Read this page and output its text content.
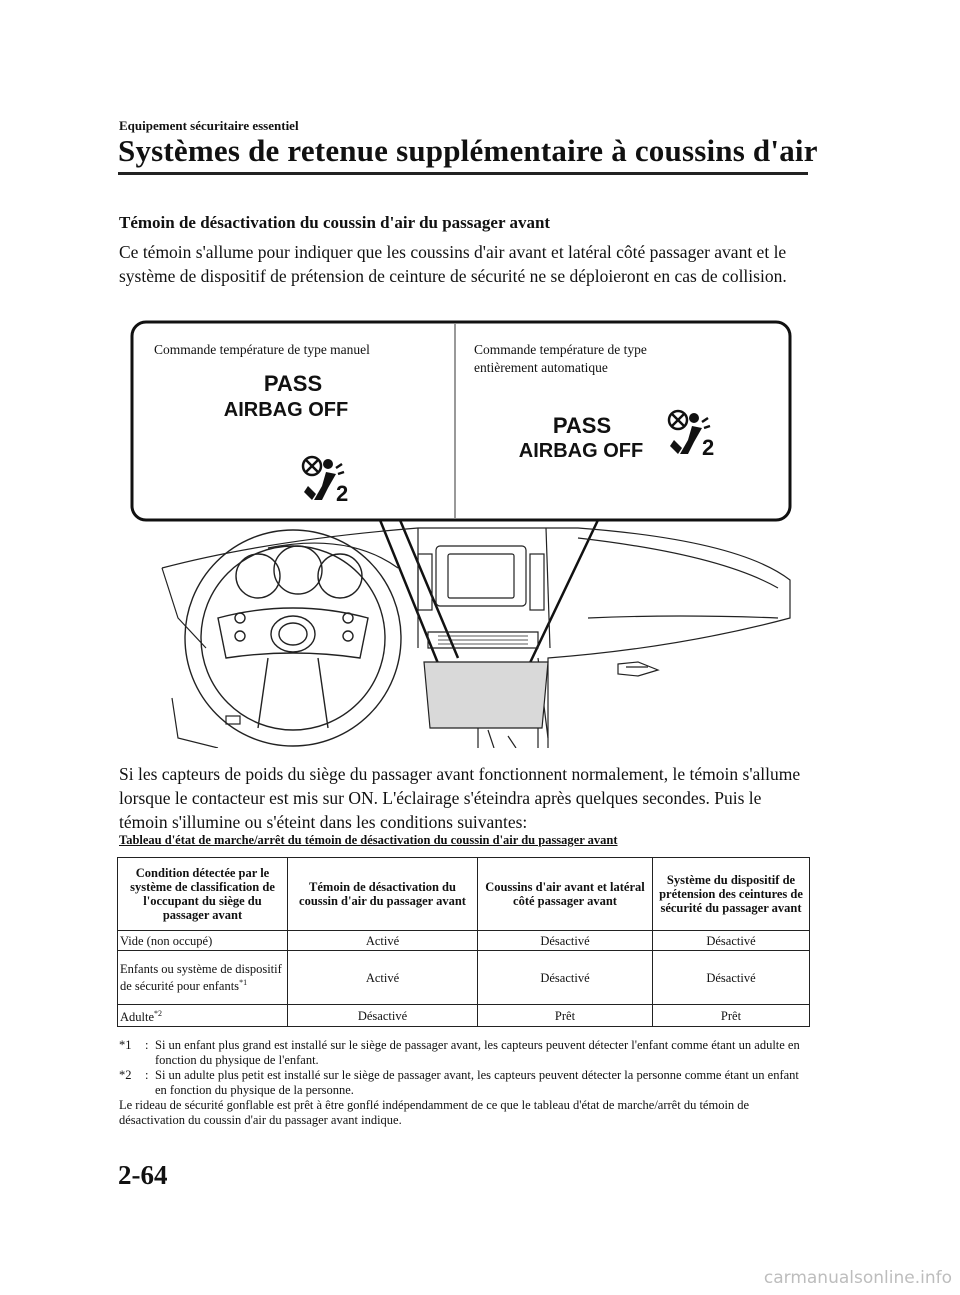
Equipement sécuritaire essentiel
Systèmes de retenue supplémentaire à coussins d'air
Témoin de désactivation du coussin d'air du passager avant
Ce témoin s'allume pour indiquer que les coussins d'air avant et latéral côté passager avant et le système de dispositif de prétension de ceinture de sécurité ne se déploieront en cas de collision.
Commande température de type manuel	Commande température de type
entièrement automatique
PASS
AIRBAG OFF
2
PASS
AIRBAG OFF	2
Si les capteurs de poids du siège du passager avant fonctionnent normalement, le témoin s'allume lorsque le contacteur est mis sur ON. L'éclairage s'éteindra après quelques secondes. Puis le témoin s'illumine ou s'éteint dans les conditions suivantes:
Tableau d'état de marche/arrêt du témoin de désactivation du coussin d'air du passager avant
Condition détectée par le système de classification de l'occupant du siège du passager avant	Témoin de désactivation du coussin d'air du passager avant	Coussins d'air avant et latéral côté passager avant	Système du dispositif de prétension des ceintures de sécurité du passager avant
Vide (non occupé)	Activé	Désactivé	Désactivé
Enfants ou système de dispositif de sécurité pour enfants$^{*1}$	Activé	Désactivé	Désactivé
Adulte$^{*2}$	Désactivé	Prêt	Prêt
*1	: Si un enfant plus grand est installé sur le siège de passager avant, les capteurs peuvent détecter l'enfant comme étant un adulte en fonction du physique de l'enfant.
*2	: Si un adulte plus petit est installé sur le siège de passager avant, les capteurs peuvent détecter la personne comme étant un enfant en fonction du physique de la personne.
Le rideau de sécurité gonflable est prêt à être gonflé indépendamment de ce que le tableau d'état de marche/arrêt du témoin de désactivation du coussin d'air du passager avant indique.
2-64
carmanualsonline.info
